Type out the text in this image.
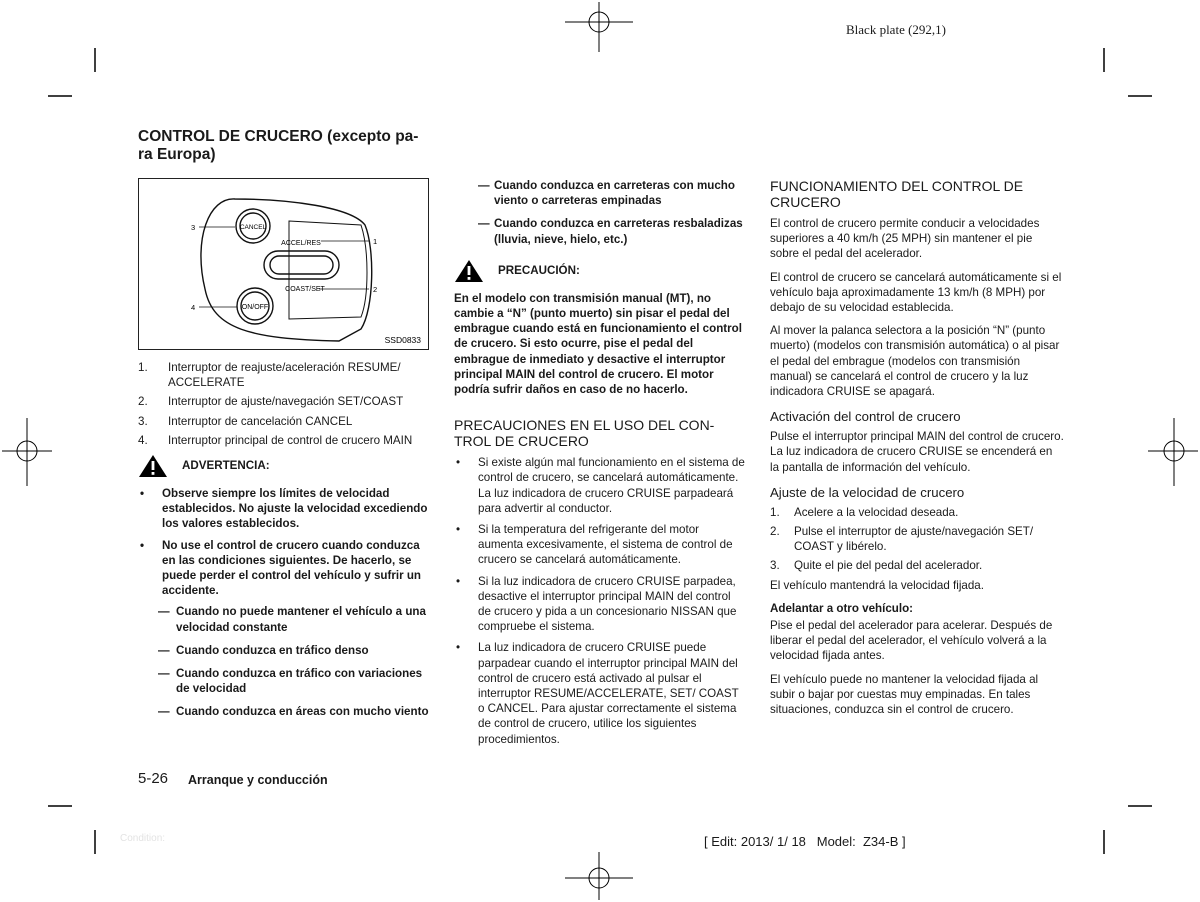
Black plate (292,1)
CONTROL DE CRUCERO (excepto pa-
ra Europa)
CANCEL
ACCEL/RES
COAST/SET
ON/OFF
1
2
3
4
SSD0833
1. Interruptor de reajuste/aceleración RESUME/ ACCELERATE
2. Interruptor de ajuste/navegación SET/COAST
3. Interruptor de cancelación CANCEL
4. Interruptor principal de control de crucero MAIN
ADVERTENCIA:
• Observe siempre los límites de velocidad establecidos. No ajuste la velocidad excediendo los valores establecidos.
• No use el control de crucero cuando conduzca en las condiciones siguientes. De hacerlo, se puede perder el control del vehículo y sufrir un accidente.
— Cuando no puede mantener el vehículo a una velocidad constante
— Cuando conduzca en tráfico denso
— Cuando conduzca en tráfico con variaciones de velocidad
— Cuando conduzca en áreas con mucho viento
— Cuando conduzca en carreteras con mucho viento o carreteras empinadas
— Cuando conduzca en carreteras resbaladizas (lluvia, nieve, hielo, etc.)
PRECAUCIÓN:

En el modelo con transmisión manual (MT), no cambie a “N” (punto muerto) sin pisar el pedal del embrague cuando está en funcionamiento el control de crucero. Si esto ocurre, pise el pedal del embrague de inmediato y desactive el interruptor principal MAIN del control de crucero. El motor podría sufrir daños en caso de no hacerlo.

PRECAUCIONES EN EL USO DEL CON-
TROL DE CRUCERO
• Si existe algún mal funcionamiento en el sistema de control de crucero, se cancelará automáticamente. La luz indicadora de crucero CRUISE parpadeará para advertir al conductor.
• Si la temperatura del refrigerante del motor aumenta excesivamente, el sistema de control de crucero se cancelará automáticamente.
• Si la luz indicadora de crucero CRUISE parpadea, desactive el interruptor principal MAIN del control de crucero y pida a un concesionario NISSAN que compruebe el sistema.
• La luz indicadora de crucero CRUISE puede parpadear cuando el interruptor principal MAIN del control de crucero está activado al pulsar el interruptor RESUME/ACCELERATE, SET/ COAST o CANCEL. Para ajustar correctamente el sistema de control de crucero, utilice los siguientes procedimientos.
FUNCIONAMIENTO DEL CONTROL DE
CRUCERO

El control de crucero permite conducir a velocidades superiores a 40 km/h (25 MPH) sin mantener el pie sobre el pedal del acelerador.

El control de crucero se cancelará automáticamente si el vehículo baja aproximadamente 13 km/h (8 MPH) por debajo de su velocidad establecida.

Al mover la palanca selectora a la posición “N” (punto muerto) (modelos con transmisión automática) o al pisar el pedal del embrague (modelos con transmisión manual) se cancelará el control de crucero y la luz indicadora CRUISE se apagará.

Activación del control de crucero

Pulse el interruptor principal MAIN del control de crucero. La luz indicadora de crucero CRUISE se encenderá en la pantalla de información del vehículo.

Ajuste de la velocidad de crucero
1. Acelere a la velocidad deseada.
2. Pulse el interruptor de ajuste/navegación SET/ COAST y libérelo.
3. Quite el pie del pedal del acelerador.

El vehículo mantendrá la velocidad fijada.

Adelantar a otro vehículo:

Pise el pedal del acelerador para acelerar. Después de liberar el pedal del acelerador, el vehículo volverá a la velocidad fijada antes.

El vehículo puede no mantener la velocidad fijada al subir o bajar por cuestas muy empinadas. En tales situaciones, conduzca sin el control de crucero.

5-26 Arranque y conducción
Condition:	[ Edit: 2013/ 1/ 18   Model:  Z34-B ]
